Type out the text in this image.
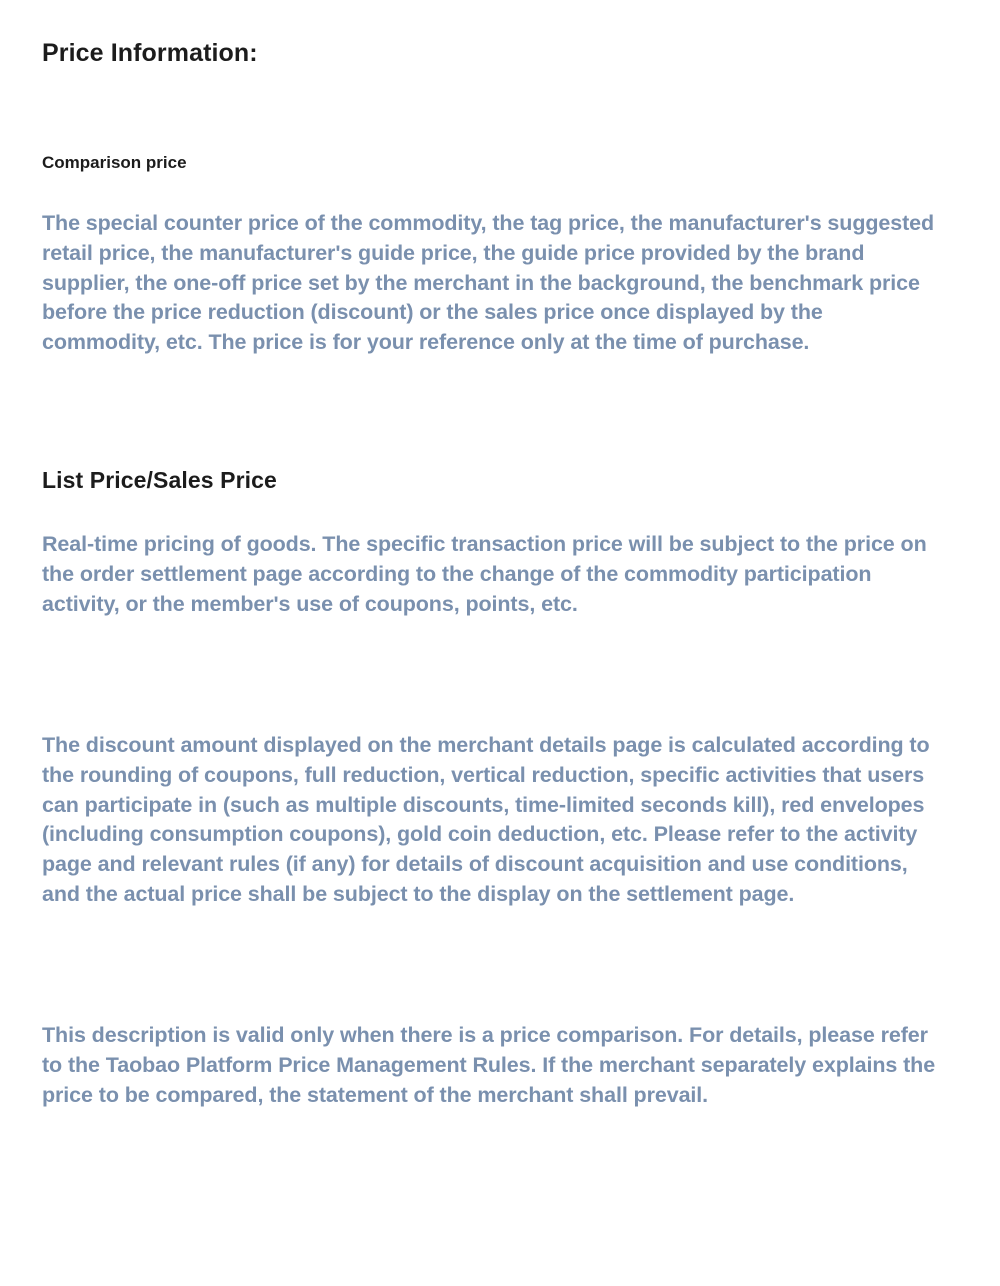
Price Information:
Comparison price

The special counter price of the commodity, the tag price, the manufacturer's suggested retail price, the manufacturer's guide price, the guide price provided by the brand supplier, the one-off price set by the merchant in the background, the benchmark price before the price reduction (discount) or the sales price once displayed by the commodity, etc. The price is for your reference only at the time of purchase.

List Price/Sales Price

Real-time pricing of goods. The specific transaction price will be subject to the price on the order settlement page according to the change of the commodity participation activity, or the member's use of coupons, points, etc.

The discount amount displayed on the merchant details page is calculated according to the rounding of coupons, full reduction, vertical reduction, specific activities that users can participate in (such as multiple discounts, time-limited seconds kill), red envelopes (including consumption coupons), gold coin deduction, etc. Please refer to the activity page and relevant rules (if any) for details of discount acquisition and use conditions, and the actual price shall be subject to the display on the settlement page.

This description is valid only when there is a price comparison. For details, please refer to the Taobao Platform Price Management Rules. If the merchant separately explains the price to be compared, the statement of the merchant shall prevail.
